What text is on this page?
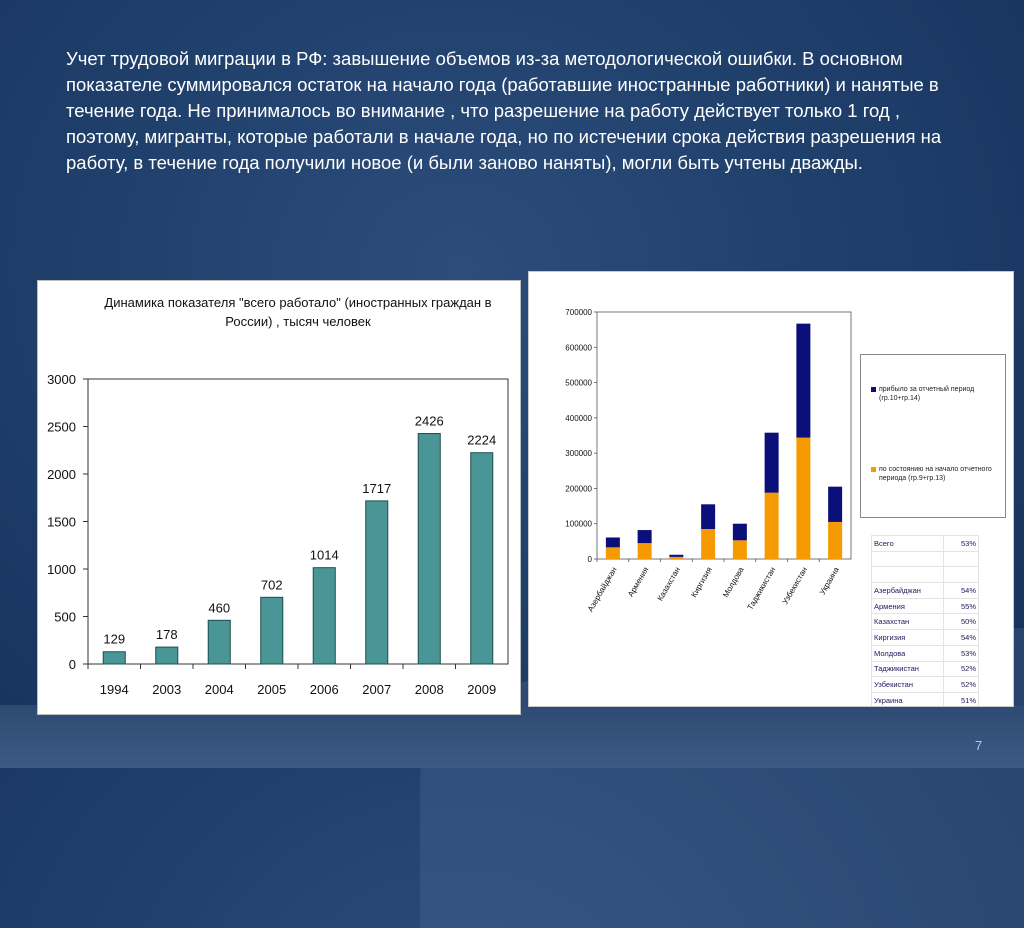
Учет трудовой миграции в РФ: завышение объемов из-за методологической ошибки. В основном показателе суммировался остаток на начало года (работавшие иностранные работники) и нанятые в течение года. Не принималось во внимание , что разрешение на работу действует только 1 год , поэтому, мигранты, которые работали в начале года, но по истечении срока действия разрешения на работу, в течение года получили новое (и были заново наняты), могли быть учтены дважды.

Динамика показателя "всего работало" (иностранных граждан в России) , тысяч человек
0
500
1000
1500
2000
2500
3000
129
1994
178
2003
460
2004
702
2005
1014
2006
1717
2007
2426
2008
2224
2009
0
100000
200000
300000
400000
500000
600000
700000
Азербайджан Армения Казахстан Киргизия Молдова Таджикистан Узбекистан Украина
прибыло за отчетный период (гр.10+гр.14)
по состоянию на начало отчетного периода (гр.9+гр.13)
Всего	53%

Азербайджан	54%
Армения	55%
Казахстан	50%
Киргизия	54%
Молдова	53%
Таджикистан	52%
Узбекистан	52%
Украина	51%
7
